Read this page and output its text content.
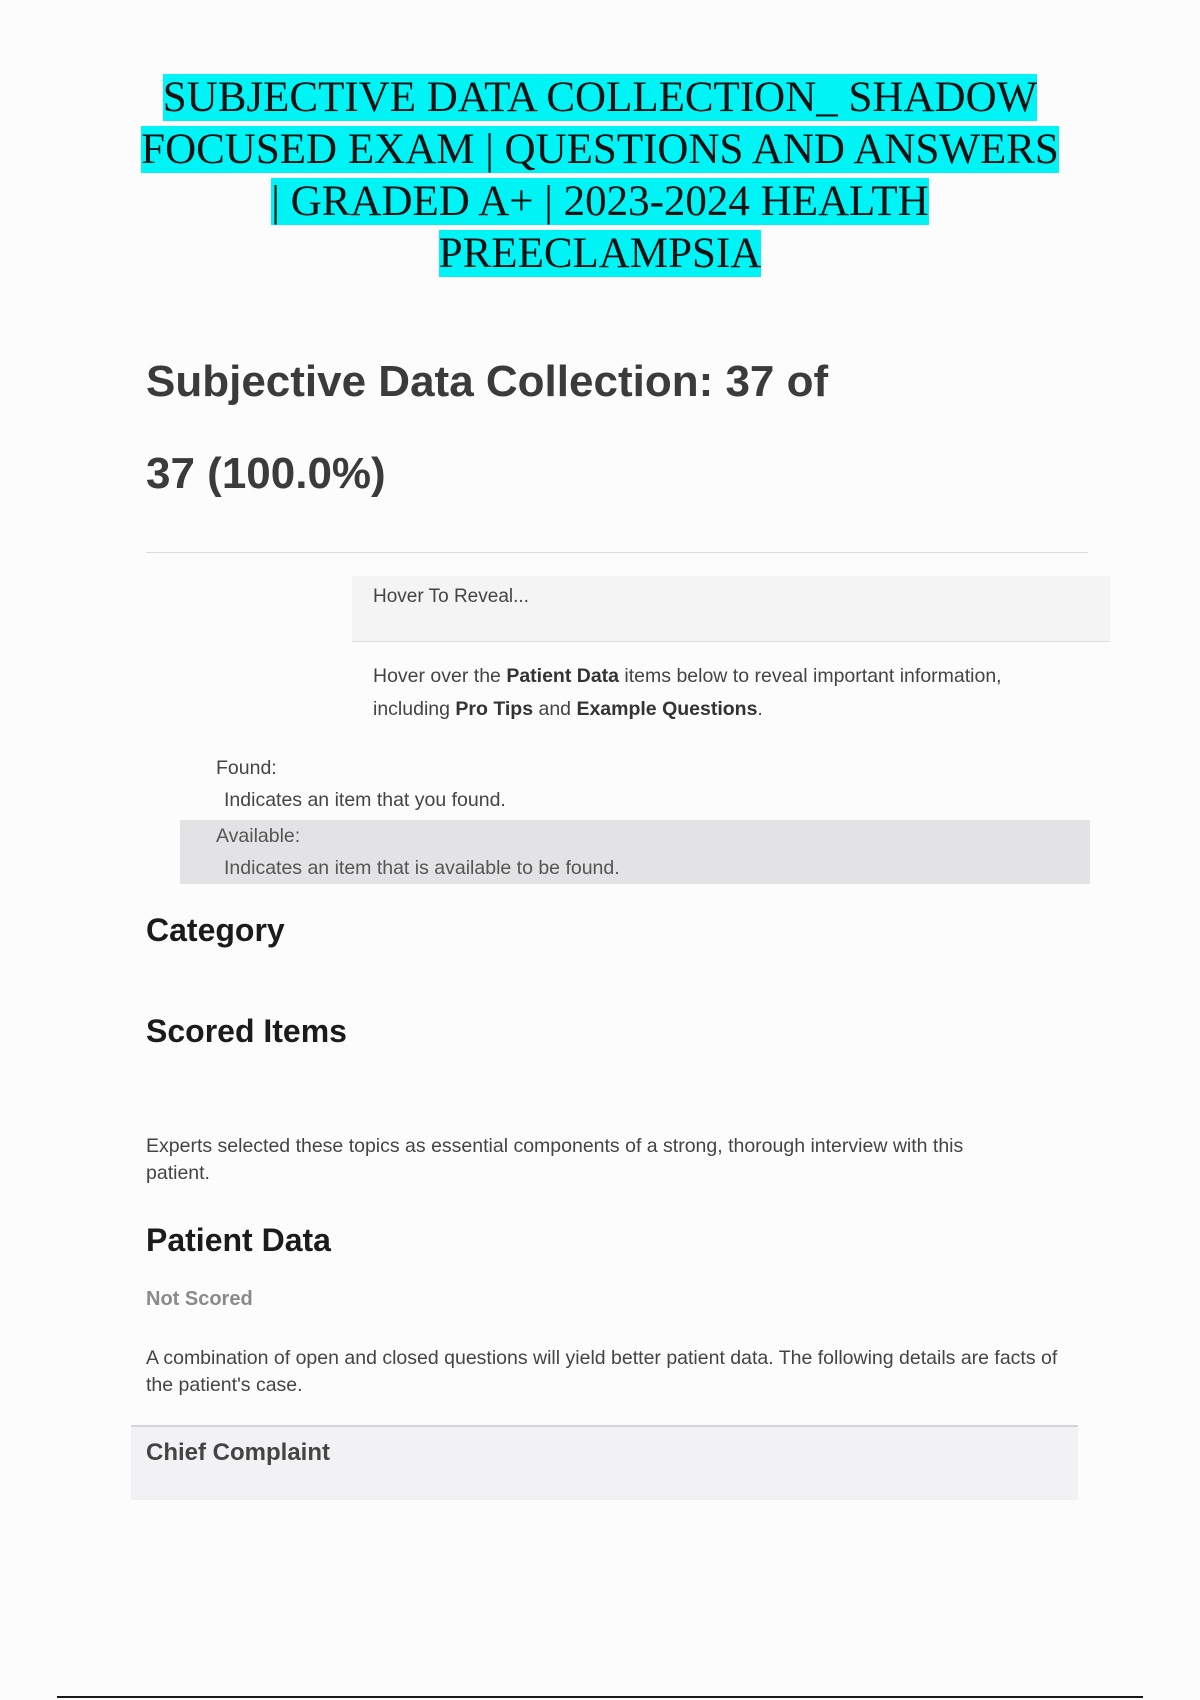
SUBJECTIVE DATA COLLECTION_ SHADOW
FOCUSED EXAM | QUESTIONS AND ANSWERS
| GRADED A+ | 2023-2024 HEALTH
PREECLAMPSIA
Subjective Data Collection: 37 of
37 (100.0%)
Hover To Reveal...
Hover over the Patient Data items below to reveal important information, including Pro Tips and Example Questions.
Found:
Indicates an item that you found.
Available:
Indicates an item that is available to be found.
Category
Scored Items
Experts selected these topics as essential components of a strong, thorough interview with this patient.
Patient Data
Not Scored
A combination of open and closed questions will yield better patient data. The following details are facts of the patient's case.
Chief Complaint
